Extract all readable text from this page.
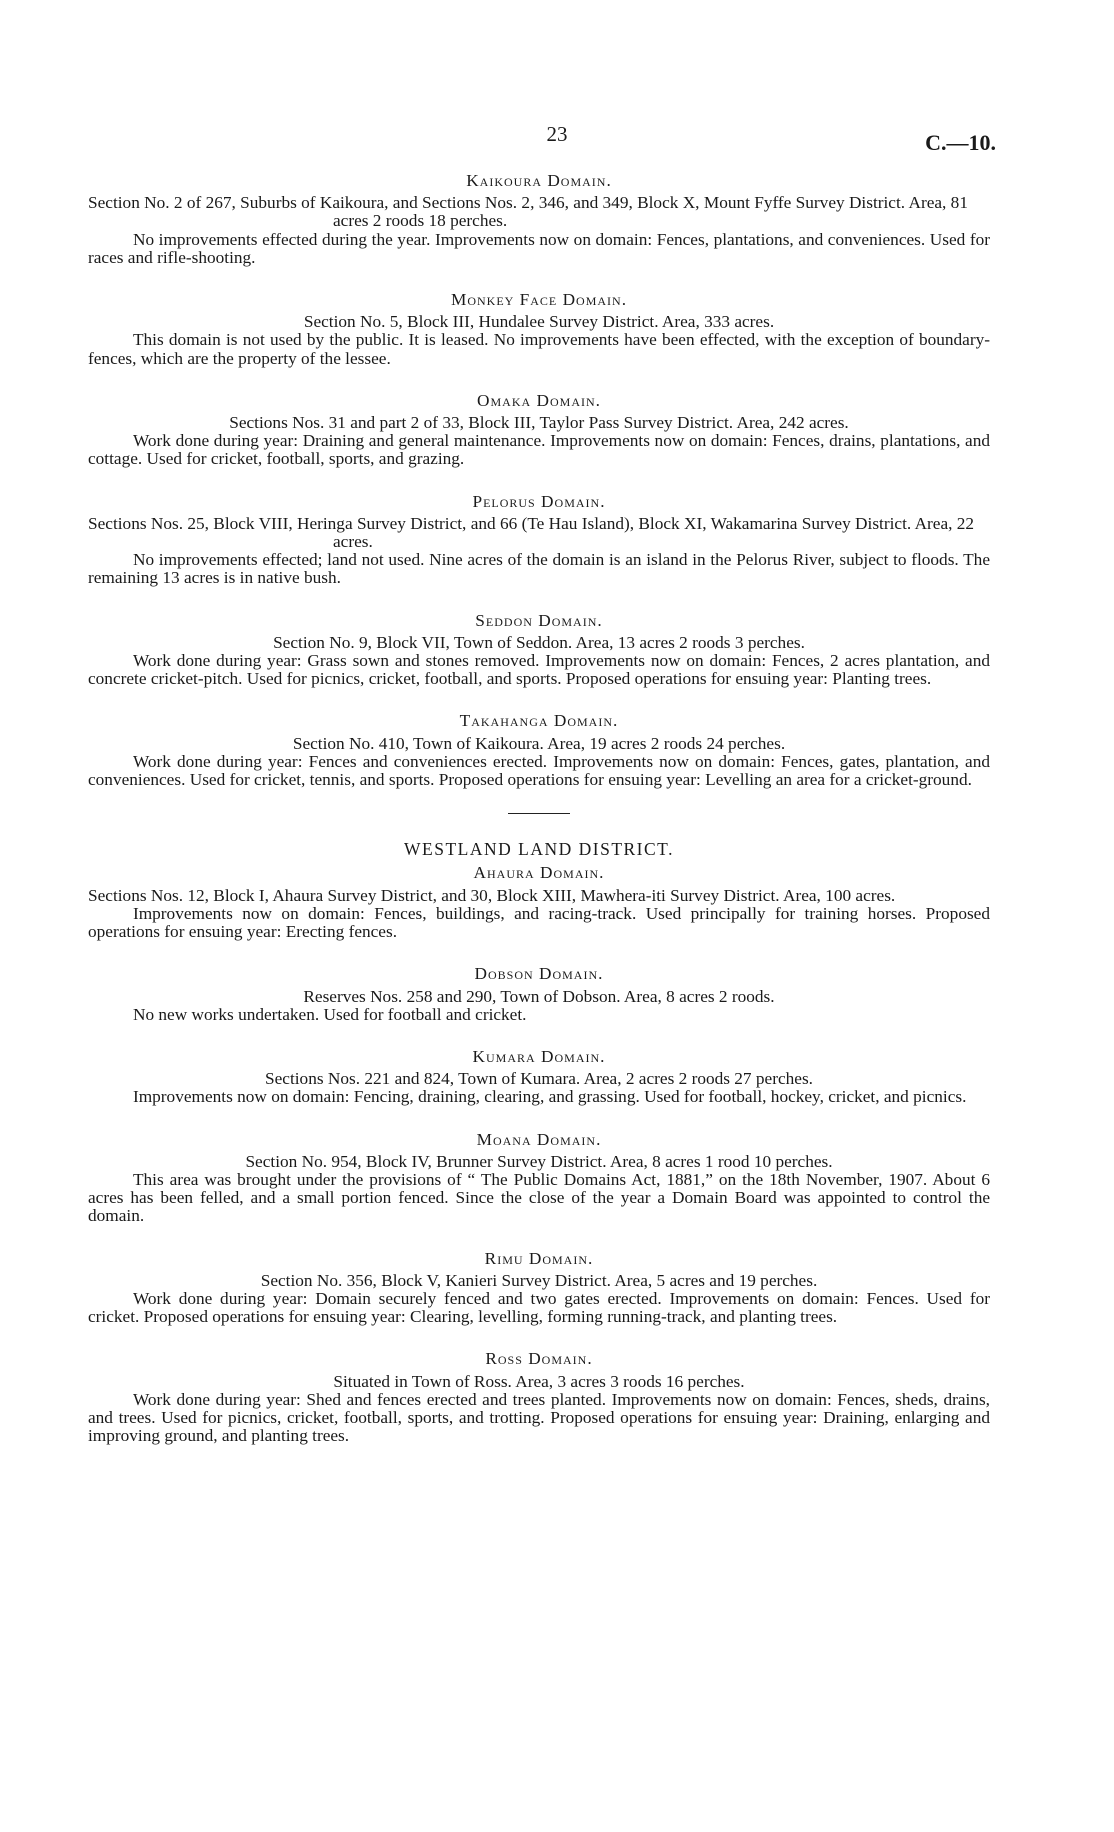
23	C.—10.

Kaikoura Domain.

Section No. 2 of 267, Suburbs of Kaikoura, and Sections Nos. 2, 346, and 349, Block X, Mount Fyffe Survey District. Area, 81 acres 2 roods 18 perches.

No improvements effected during the year. Improvements now on domain: Fences, plantations, and conveniences. Used for races and rifle-shooting.

Monkey Face Domain.

Section No. 5, Block III, Hundalee Survey District. Area, 333 acres.

This domain is not used by the public. It is leased. No improvements have been effected, with the exception of boundary-fences, which are the property of the lessee.

Omaka Domain.

Sections Nos. 31 and part 2 of 33, Block III, Taylor Pass Survey District. Area, 242 acres.

Work done during year: Draining and general maintenance. Improvements now on domain: Fences, drains, plantations, and cottage. Used for cricket, football, sports, and grazing.

Pelorus Domain.

Sections Nos. 25, Block VIII, Heringa Survey District, and 66 (Te Hau Island), Block XI, Wakamarina Survey District. Area, 22 acres.

No improvements effected; land not used. Nine acres of the domain is an island in the Pelorus River, subject to floods. The remaining 13 acres is in native bush.

Seddon Domain.

Section No. 9, Block VII, Town of Seddon. Area, 13 acres 2 roods 3 perches.

Work done during year: Grass sown and stones removed. Improvements now on domain: Fences, 2 acres plantation, and concrete cricket-pitch. Used for picnics, cricket, football, and sports. Proposed operations for ensuing year: Planting trees.

Takahanga Domain.

Section No. 410, Town of Kaikoura. Area, 19 acres 2 roods 24 perches.

Work done during year: Fences and conveniences erected. Improvements now on domain: Fences, gates, plantation, and conveniences. Used for cricket, tennis, and sports. Proposed operations for ensuing year: Levelling an area for a cricket-ground.

WESTLAND LAND DISTRICT.

Ahaura Domain.

Sections Nos. 12, Block I, Ahaura Survey District, and 30, Block XIII, Mawhera-iti Survey District. Area, 100 acres.

Improvements now on domain: Fences, buildings, and racing-track. Used principally for training horses. Proposed operations for ensuing year: Erecting fences.

Dobson Domain.

Reserves Nos. 258 and 290, Town of Dobson. Area, 8 acres 2 roods.

No new works undertaken. Used for football and cricket.

Kumara Domain.

Sections Nos. 221 and 824, Town of Kumara. Area, 2 acres 2 roods 27 perches.

Improvements now on domain: Fencing, draining, clearing, and grassing. Used for football, hockey, cricket, and picnics.

Moana Domain.

Section No. 954, Block IV, Brunner Survey District. Area, 8 acres 1 rood 10 perches.

This area was brought under the provisions of “ The Public Domains Act, 1881,” on the 18th November, 1907. About 6 acres has been felled, and a small portion fenced. Since the close of the year a Domain Board was appointed to control the domain.

Rimu Domain.

Section No. 356, Block V, Kanieri Survey District. Area, 5 acres and 19 perches.

Work done during year: Domain securely fenced and two gates erected. Improvements on domain: Fences. Used for cricket. Proposed operations for ensuing year: Clearing, levelling, forming running-track, and planting trees.

Ross Domain.

Situated in Town of Ross. Area, 3 acres 3 roods 16 perches.

Work done during year: Shed and fences erected and trees planted. Improvements now on domain: Fences, sheds, drains, and trees. Used for picnics, cricket, football, sports, and trotting. Proposed operations for ensuing year: Draining, enlarging and improving ground, and planting trees.
